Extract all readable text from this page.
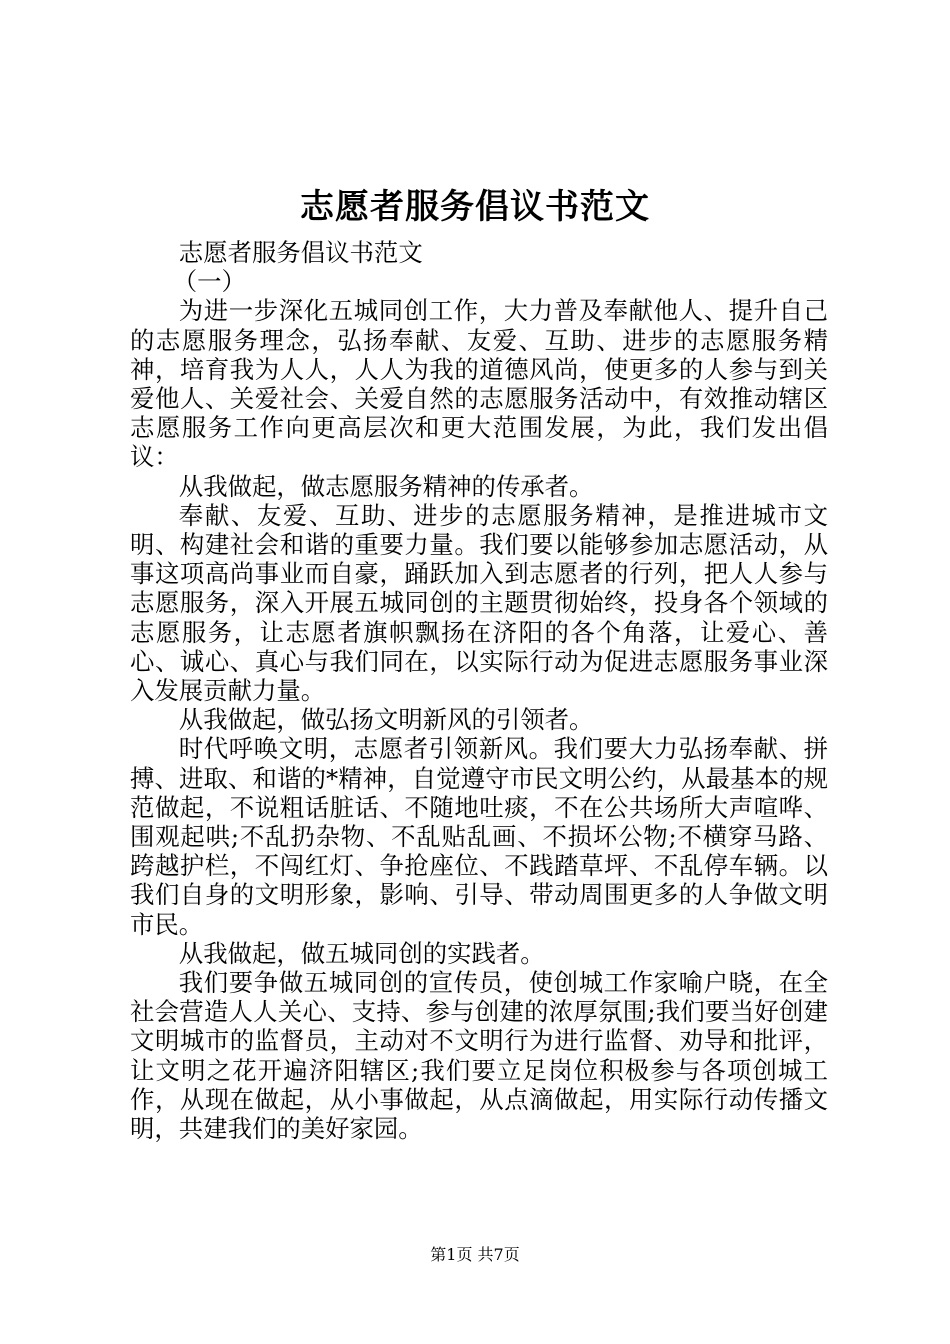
志愿者服务倡议书范文

志愿者服务倡议书范文

（一）

为进一步深化五城同创工作，大力普及奉献他人、提升自己的志愿服务理念，弘扬奉献、友爱、互助、进步的志愿服务精神，培育我为人人，人人为我的道德风尚，使更多的人参与到关爱他人、关爱社会、关爱自然的志愿服务活动中，有效推动辖区志愿服务工作向更高层次和更大范围发展，为此，我们发出倡议：

从我做起，做志愿服务精神的传承者。

奉献、友爱、互助、进步的志愿服务精神，是推进城市文明、构建社会和谐的重要力量。我们要以能够参加志愿活动，从事这项高尚事业而自豪，踊跃加入到志愿者的行列，把人人参与志愿服务，深入开展五城同创的主题贯彻始终，投身各个领域的志愿服务，让志愿者旗帜飘扬在济阳的各个角落，让爱心、善心、诚心、真心与我们同在，以实际行动为促进志愿服务事业深入发展贡献力量。

从我做起，做弘扬文明新风的引领者。

时代呼唤文明，志愿者引领新风。我们要大力弘扬奉献、拼搏、进取、和谐的*精神，自觉遵守市民文明公约，从最基本的规范做起，不说粗话脏话、不随地吐痰，不在公共场所大声喧哗、围观起哄;不乱扔杂物、不乱贴乱画、不损坏公物;不横穿马路、跨越护栏，不闯红灯、争抢座位、不践踏草坪、不乱停车辆。以我们自身的文明形象，影响、引导、带动周围更多的人争做文明市民。

从我做起，做五城同创的实践者。

我们要争做五城同创的宣传员，使创城工作家喻户晓，在全社会营造人人关心、支持、参与创建的浓厚氛围;我们要当好创建文明城市的监督员，主动对不文明行为进行监督、劝导和批评，让文明之花开遍济阳辖区;我们要立足岗位积极参与各项创城工作，从现在做起，从小事做起，从点滴做起，用实际行动传播文明，共建我们的美好家园。

第1页 共7页
